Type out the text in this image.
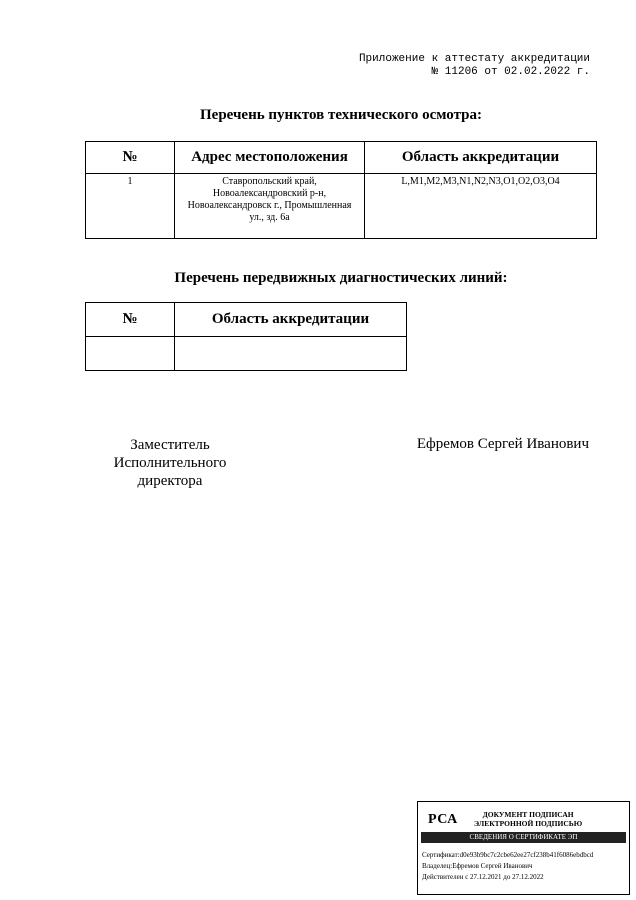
Приложение к аттестату аккредитации
№ 11206 от 02.02.2022 г.
Перечень пунктов технического осмотра:
№	Адрес местоположения	Область аккредитации
1	Ставропольский край,
Новоалександровский р-н,
Новоалександровск г., Промышленная
ул., зд. 6а	L,M1,M2,M3,N1,N2,N3,O1,O2,O3,O4
Перечень передвижных диагностических линий:
№	Область аккредитации

Заместитель
Исполнительного
директора
Ефремов Сергей Иванович
РСА	ДОКУМЕНТ ПОДПИСАН
ЭЛЕКТРОННОЙ ПОДПИСЬЮ
СВЕДЕНИЯ О СЕРТИФИКАТЕ ЭП
Сертификат:d0e93b9bc7c2cbe62ee27cf238b41f6086ebdbcd
Владелец:Ефремов Сергей Иванович
Действителен с 27.12.2021 до 27.12.2022
